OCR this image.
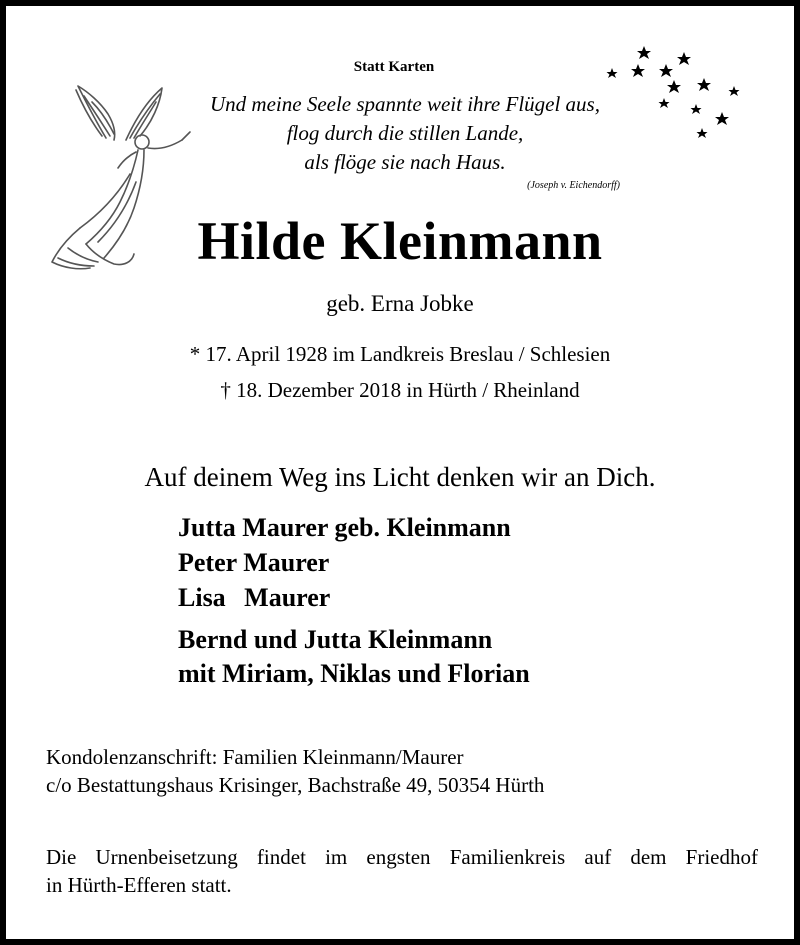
Statt Karten
Und meine Seele spannte weit ihre Flügel aus,
flog durch die stillen Lande,
als flöge sie nach Haus.
(Joseph v. Eichendorff)
Hilde Kleinmann
geb. Erna Jobke
* 17. April 1928 im Landkreis Breslau / Schlesien
† 18. Dezember 2018 in Hürth / Rheinland
Auf deinem Weg ins Licht denken wir an Dich.
Jutta Maurer geb. Kleinmann
Peter Maurer
Lisa Maurer
Bernd und Jutta Kleinmann
mit Miriam, Niklas und Florian
Kondolenzanschrift: Familien Kleinmann/Maurer
c/o Bestattungshaus Krisinger, Bachstraße 49, 50354 Hürth
Die Urnenbeisetzung findet im engsten Familienkreis auf dem Friedhof
in Hürth-Efferen statt.
